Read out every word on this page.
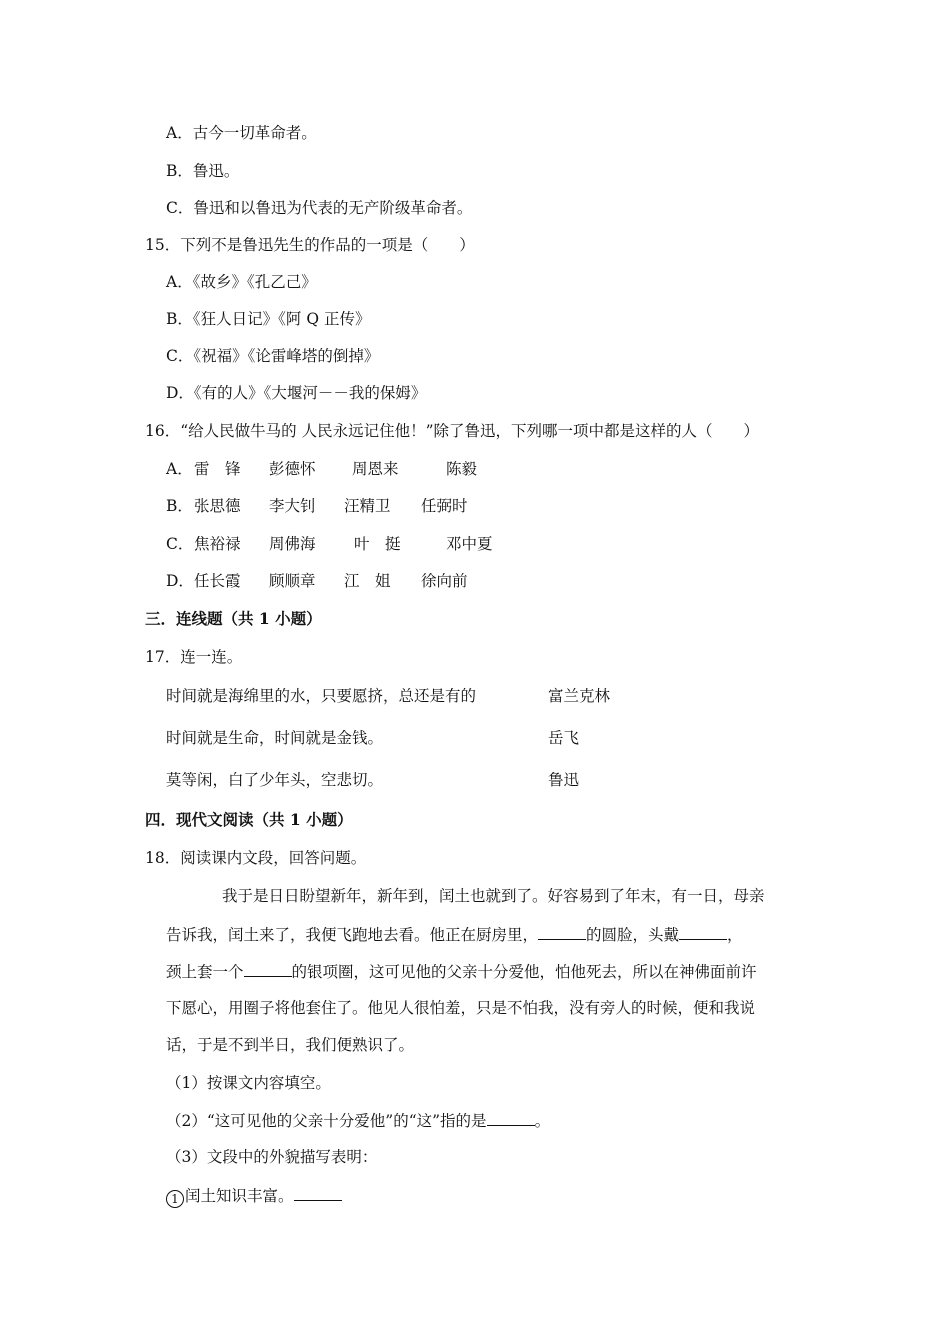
A．古今一切革命者。
B．鲁迅。
C．鲁迅和以鲁迅为代表的无产阶级革命者。
15．下列不是鲁迅先生的作品的一项是（　　）
A．《故乡》《孔乙己》
B．《狂人日记》《阿 Q 正传》
C．《祝福》《论雷峰塔的倒掉》
D．《有的人》《大堰河－－我的保姆》
16．“给人民做牛马的 人民永远记住他！”除了鲁迅，下列哪一项中都是这样的人（　　）
A． 雷　锋 彭德怀 周恩来	陈毅
B． 张思德 李大钊 汪精卫 任弼时
C． 焦裕禄 周佛海 叶　挺	邓中夏
D． 任长霞 顾顺章 江　姐 徐向前
三．连线题（共 1 小题）
17．连一连。
时间就是海绵里的水，只要愿挤，总还是有的	富兰克林
时间就是生命，时间就是金钱。	岳飞
莫等闲，白了少年头，空悲切。	鲁迅
四．现代文阅读（共 1 小题）
18．阅读课内文段，回答问题。
我于是日日盼望新年，新年到，闰土也就到了。好容易到了年末，有一日，母亲
告诉我，闰土来了，我便飞跑地去看。他正在厨房里，	的圆脸，头戴	，
颈上套一个	的银项圈，这可见他的父亲十分爱他，怕他死去，所以在神佛面前许
下愿心，用圈子将他套住了。他见人很怕羞，只是不怕我，没有旁人的时候，便和我说
话，于是不到半日，我们便熟识了。
（1）按课文内容填空。
（2）“这可见他的父亲十分爱他”的“这”指的是	。
（3）文段中的外貌描写表明：
1 闰土知识丰富。
